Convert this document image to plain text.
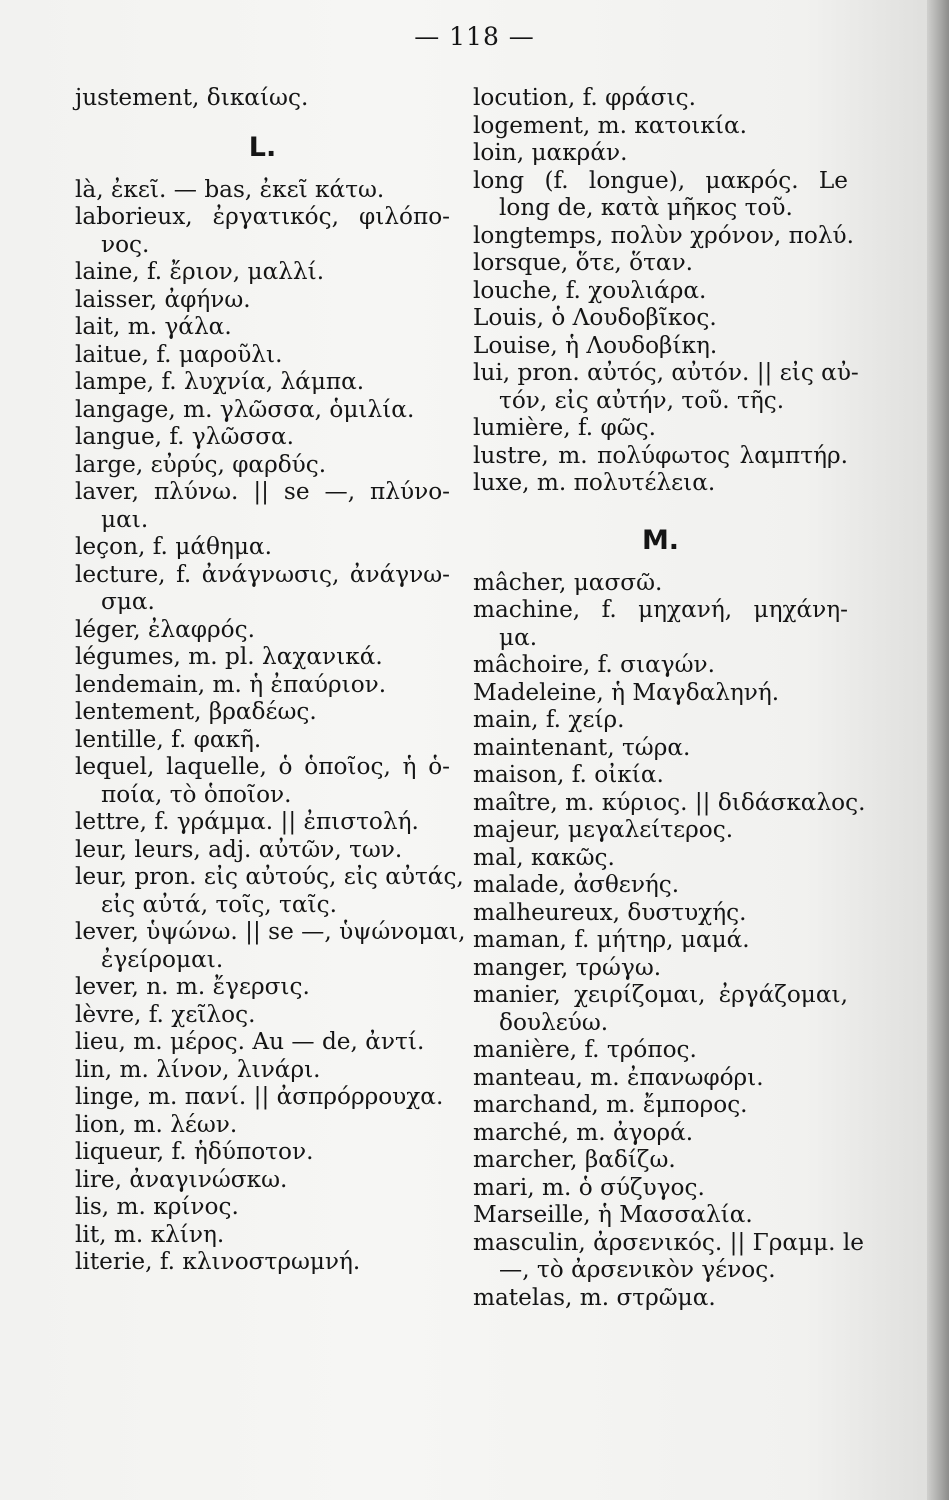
— 118 —
justement, δικαίως.
L.
là, ἐκεῖ. — bas, ἐκεῖ κάτω.
laborieux, ἐργατικός, φιλόπο-
νος.
laine, f. ἔριον, μαλλί.
laisser, ἀφήνω.
lait, m. γάλα.
laitue, f. μαροῦλι.
lampe, f. λυχνία, λάμπα.
langage, m. γλῶσσα, ὁμιλία.
langue, f. γλῶσσα.
large, εὐρύς, φαρδύς.
laver, πλύνω. || se —, πλύνο-
μαι.
leçon, f. μάθημα.
lecture, f. ἀνάγνωσις, ἀνάγνω-
σμα.
léger, ἐλαφρός.
légumes, m. pl. λαχανικά.
lendemain, m. ἡ ἐπαύριον.
lentement, βραδέως.
lentille, f. φακῆ.
lequel, laquelle, ὁ ὁποῖος, ἡ ὁ-
ποία, τὸ ὁποῖον.
lettre, f. γράμμα. || ἐπιστολή.
leur, leurs, adj. αὐτῶν, των.
leur, pron. εἰς αὐτούς, εἰς αὐτάς,
εἰς αὐτά, τοῖς, ταῖς.
lever, ὑψώνω. || se —, ὑψώνομαι,
ἐγείρομαι.
lever, n. m. ἔγερσις.
lèvre, f. χεῖλος.
lieu, m. μέρος. Au — de, ἀντί.
lin, m. λίνον, λινάρι.
linge, m. πανί. || ἀσπρόρρουχα.
lion, m. λέων.
liqueur, f. ἡδύποτον.
lire, ἀναγινώσκω.
lis, m. κρίνος.
lit, m. κλίνη.
literie, f. κλινοστρωμνή.
locution, f. φράσις.
logement, m. κατοικία.
loin, μακράν.
long (f. longue), μακρός. Le
long de, κατὰ μῆκος τοῦ.
longtemps, πολὺν χρόνον, πολύ.
lorsque, ὅτε, ὅταν.
louche, f. χουλιάρα.
Louis, ὁ Λουδοβῖκος.
Louise, ἡ Λουδοβίκη.
lui, pron. αὐτός, αὐτόν. || εἰς αὐ-
τόν, εἰς αὐτήν, τοῦ. τῆς.
lumière, f. φῶς.
lustre, m. πολύφωτος λαμπτήρ.
luxe, m. πολυτέλεια.
M.
mâcher, μασσῶ.
machine, f. μηχανή, μηχάνη-
μα.
mâchoire, f. σιαγών.
Madeleine, ἡ Μαγδαληνή.
main, f. χείρ.
maintenant, τώρα.
maison, f. οἰκία.
maître, m. κύριος. || διδάσκαλος.
majeur, μεγαλείτερος.
mal, κακῶς.
malade, ἀσθενής.
malheureux, δυστυχής.
maman, f. μήτηρ, μαμά.
manger, τρώγω.
manier, χειρίζομαι, ἐργάζομαι,
δουλεύω.
manière, f. τρόπος.
manteau, m. ἐπανωφόρι.
marchand, m. ἔμπορος.
marché, m. ἀγορά.
marcher, βαδίζω.
mari, m. ὁ σύζυγος.
Marseille, ἡ Μασσαλία.
masculin, ἀρσενικός. || Γραμμ. le
—, τὸ ἀρσενικὸν γένος.
matelas, m. στρῶμα.
